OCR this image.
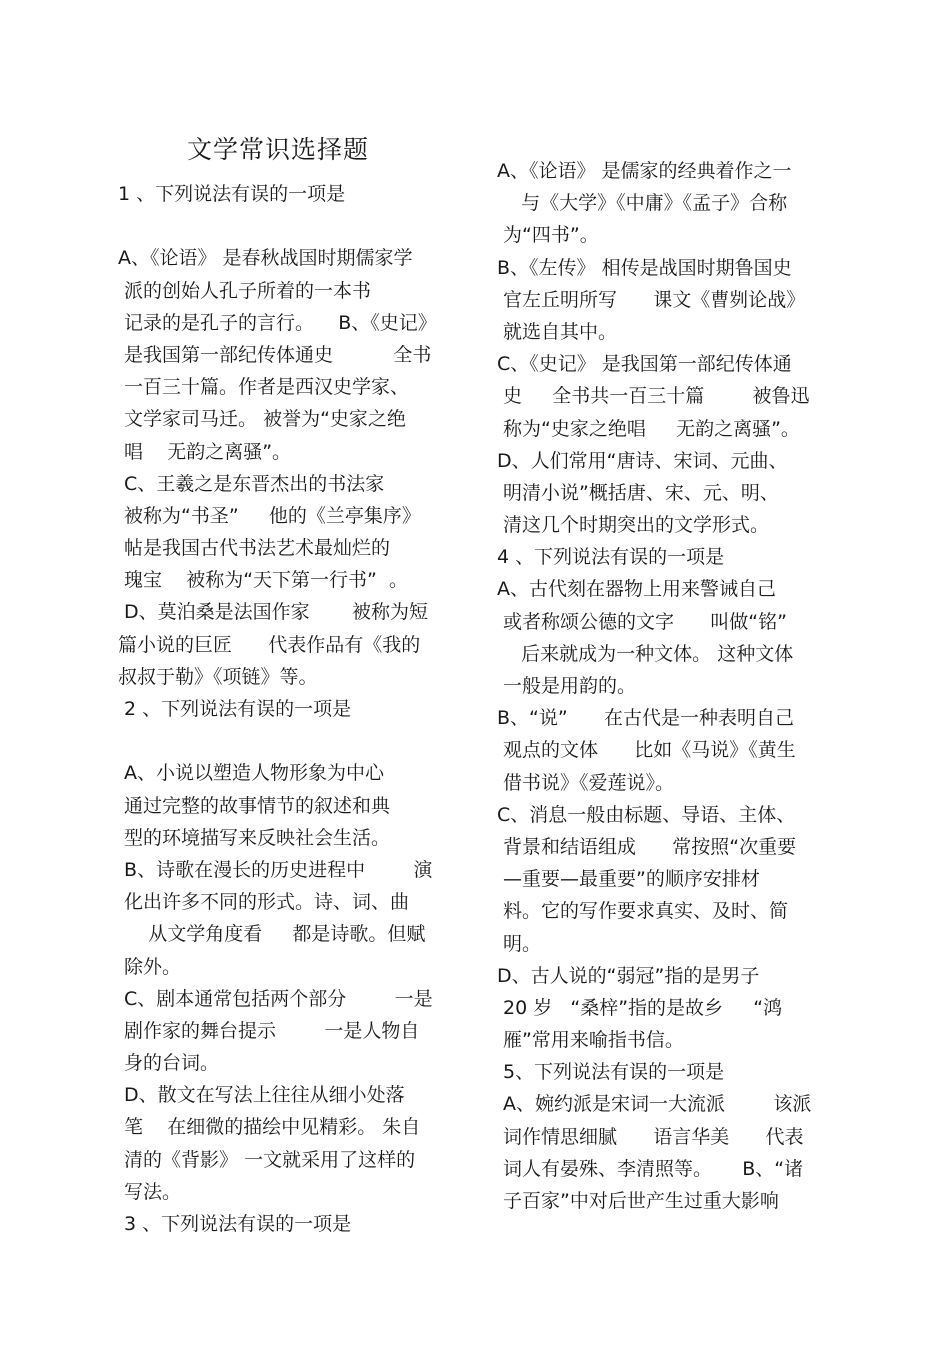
文学常识选择题
1 、下列说法有误的一项是
A、《论语》 是春秋战国时期儒家学
派的创始人孔子所着的一本书
记录的是孔子的言行。    B、《史记》
是我国第一部纪传体通史          全书
一百三十篇。作者是西汉史学家、
文学家司马迁。 被誉为“史家之绝
唱    无韵之离骚”。
C、王羲之是东晋杰出的书法家
被称为“书圣”     他的《兰亭集序》
帖是我国古代书法艺术最灿烂的
瑰宝    被称为“天下第一行书”  。
D、莫泊桑是法国作家       被称为短
篇小说的巨匠      代表作品有《我的
叔叔于勒》《项链》等。
2 、下列说法有误的一项是
A、小说以塑造人物形象为中心
通过完整的故事情节的叙述和典
型的环境描写来反映社会生活。
B、诗歌在漫长的历史进程中        演
化出许多不同的形式。诗、词、曲
从文学角度看     都是诗歌。但赋
除外。
C、剧本通常包括两个部分        一是
剧作家的舞台提示        一是人物自
身的台词。
D、散文在写法上往往从细小处落
笔    在细微的描绘中见精彩。 朱自
清的《背影》 一文就采用了这样的
写法。
3 、下列说法有误的一项是
A、《论语》 是儒家的经典着作之一
与《大学》《中庸》《孟子》合称
为“四书”。
B、《左传》 相传是战国时期鲁国史
官左丘明所写      课文《曹刿论战》
就选自其中。
C、《史记》 是我国第一部纪传体通
史     全书共一百三十篇        被鲁迅
称为“史家之绝唱     无韵之离骚”。
D、人们常用“唐诗、宋词、元曲、
明清小说”概括唐、宋、元、明、
清这几个时期突出的文学形式。
4 、下列说法有误的一项是
A、古代刻在器物上用来警诫自己
或者称颂公德的文字      叫做“铭”
后来就成为一种文体。 这种文体
一般是用韵的。
B、“说”      在古代是一种表明自己
观点的文体      比如《马说》《黄生
借书说》《爱莲说》。
C、消息一般由标题、导语、主体、
背景和结语组成      常按照“次重要
—重要—最重要”的顺序安排材
料。它的写作要求真实、及时、简
明。
D、古人说的“弱冠”指的是男子
20 岁   “桑梓”指的是故乡     “鸿
雁”常用来喻指书信。
5、下列说法有误的一项是
A、婉约派是宋词一大流派        该派
词作情思细腻      语言华美      代表
词人有晏殊、李清照等。     B、“诸
子百家”中对后世产生过重大影响
